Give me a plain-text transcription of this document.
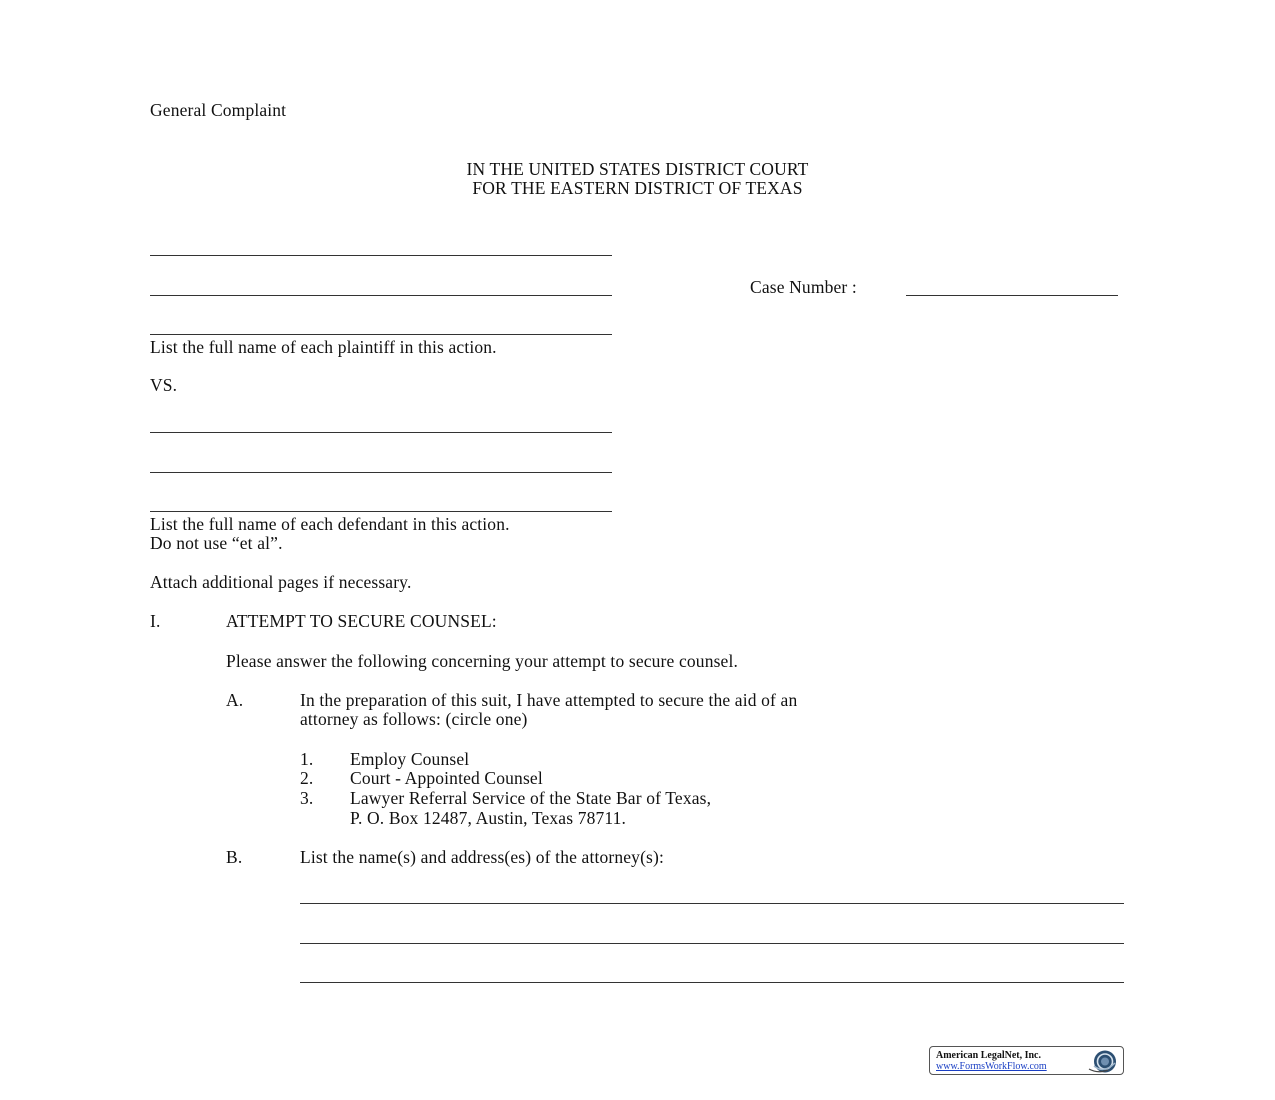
General Complaint
IN THE UNITED STATES DISTRICT COURT
FOR THE EASTERN DISTRICT OF TEXAS
Case Number :
List the full name of each plaintiff in this action.
VS.
List the full name of each defendant in this action.
Do not use “et al”.
Attach additional pages if necessary.
I.	ATTEMPT TO SECURE COUNSEL:
Please answer the following concerning your attempt to secure counsel.
A.	In the preparation of this suit, I have attempted to secure the aid of an
attorney as follows: (circle one)
1. Employ Counsel
2. Court - Appointed Counsel
3. Lawyer Referral Service of the State Bar of Texas,
P. O. Box 12487, Austin, Texas 78711.
B.	List the name(s) and address(es) of the attorney(s):
American LegalNet, Inc.
www.FormsWorkFlow.com
